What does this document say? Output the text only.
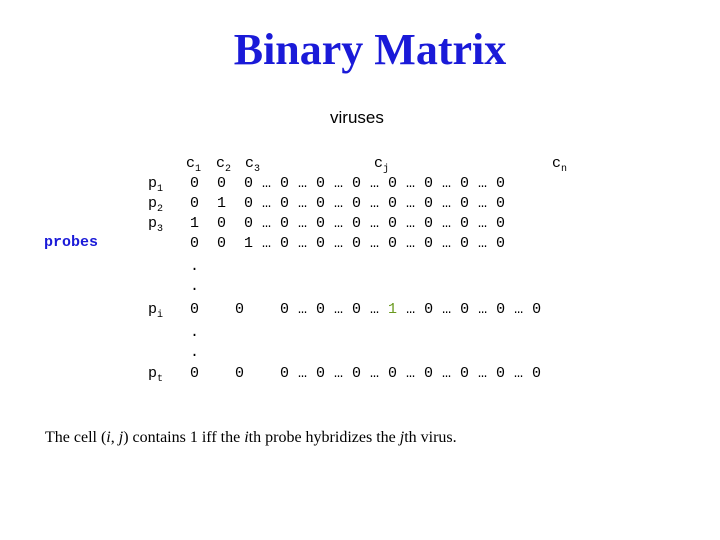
Binary Matrix
viruses
probes
$c_1$ $c_2$ $c_3$	$c_j$	$c_n$
$p_1$
$p_2$
$p_3$
$p_i$
$p_t$
0  0  0 … 0 … 0 … 0 … 0 … 0 … 0 … 0
0  1  0 … 0 … 0 … 0 … 0 … 0 … 0 … 0
1  0  0 … 0 … 0 … 0 … 0 … 0 … 0 … 0
0  0  1 … 0 … 0 … 0 … 0 … 0 … 0 … 0
.
.
0    0    0 … 0 … 0 … 1 … 0 … 0 … 0 … 0
.
.
0    0    0 … 0 … 0 … 0 … 0 … 0 … 0 … 0
The cell (i, j) contains 1 iff the ith probe hybridizes the jth virus.
